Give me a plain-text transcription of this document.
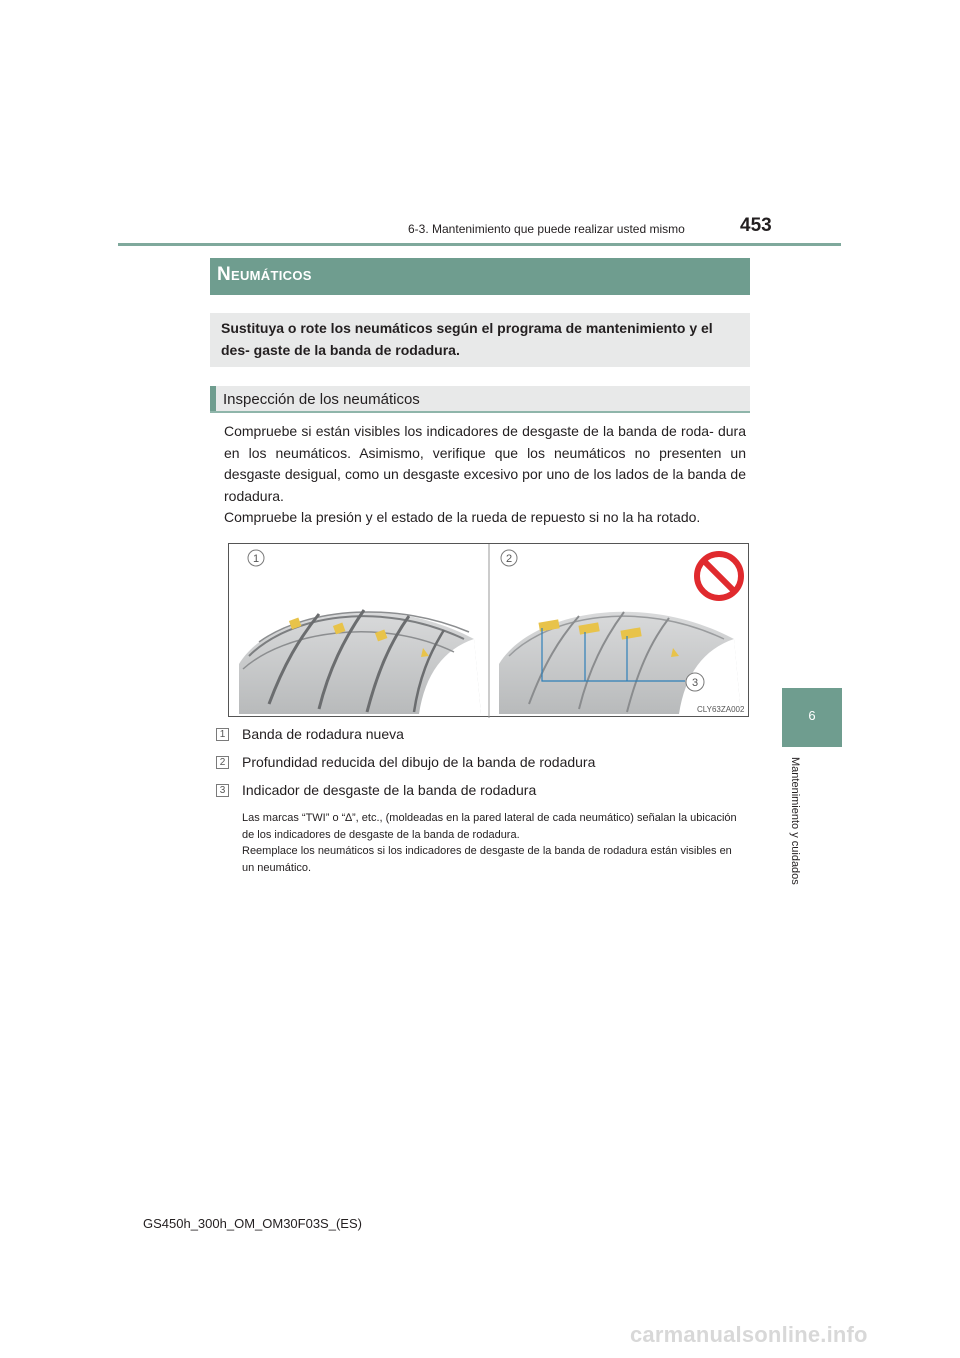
6-3. Mantenimiento que puede realizar usted mismo	453
6
Mantenimiento y cuidados
Neumáticos
Sustituya o rote los neumáticos según el programa de mantenimiento y el des- gaste de la banda de rodadura.
Inspección de los neumáticos
Compruebe si están visibles los indicadores de desgaste de la banda de roda- dura en los neumáticos. Asimismo, verifique que los neumáticos no presenten un desgaste desigual, como un desgaste excesivo por uno de los lados de la banda de rodadura.
Compruebe la presión y el estado de la rueda de repuesto si no la ha rotado.
1	2
3
CLY63ZA002
1 Banda de rodadura nueva
2 Profundidad reducida del dibujo de la banda de rodadura
3 Indicador de desgaste de la banda de rodadura
Las marcas “TWI” o “∆”, etc., (moldeadas en la pared lateral de cada neumático) señalan la ubicación de los indicadores de desgaste de la banda de rodadura.
Reemplace los neumáticos si los indicadores de desgaste de la banda de rodadura están visibles en un neumático.
GS450h_300h_OM_OM30F03S_(ES)
carmanualsonline.info
